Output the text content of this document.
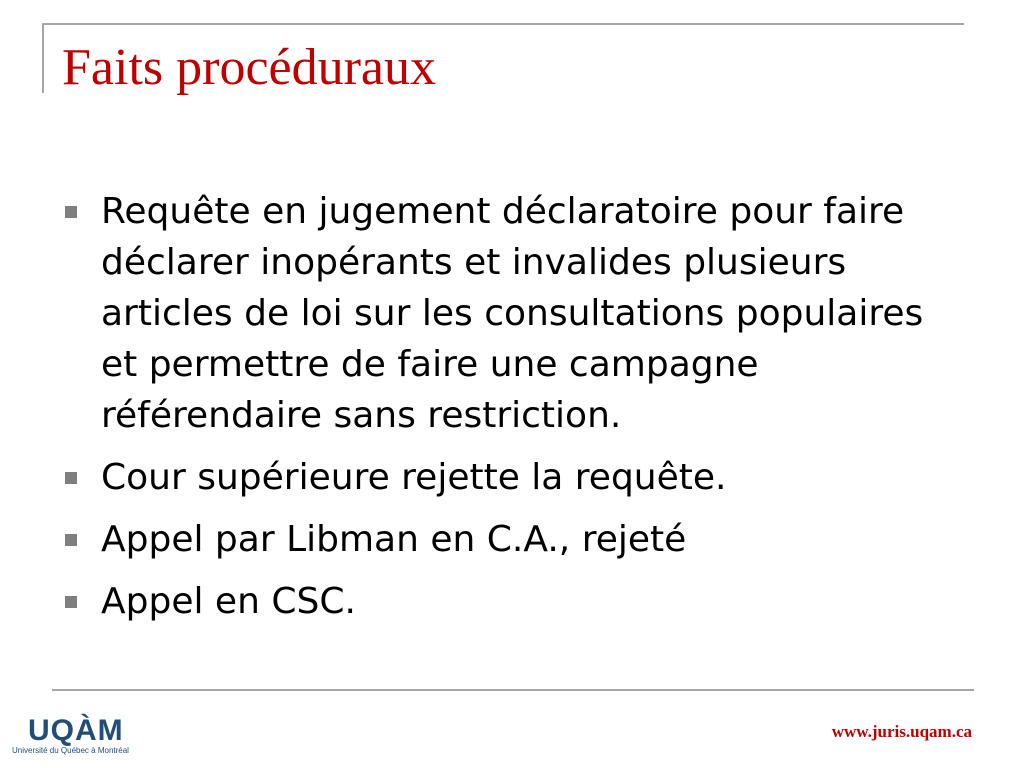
Faits procéduraux
Requête en jugement déclaratoire pour faire déclarer inopérants et invalides plusieurs articles de loi sur les consultations populaires et permettre de faire une campagne référendaire sans restriction.
Cour supérieure rejette la requête.
Appel par Libman en C.A., rejeté
Appel en CSC.
UQÀM
Université du Québec à Montréal
www.juris.uqam.ca
